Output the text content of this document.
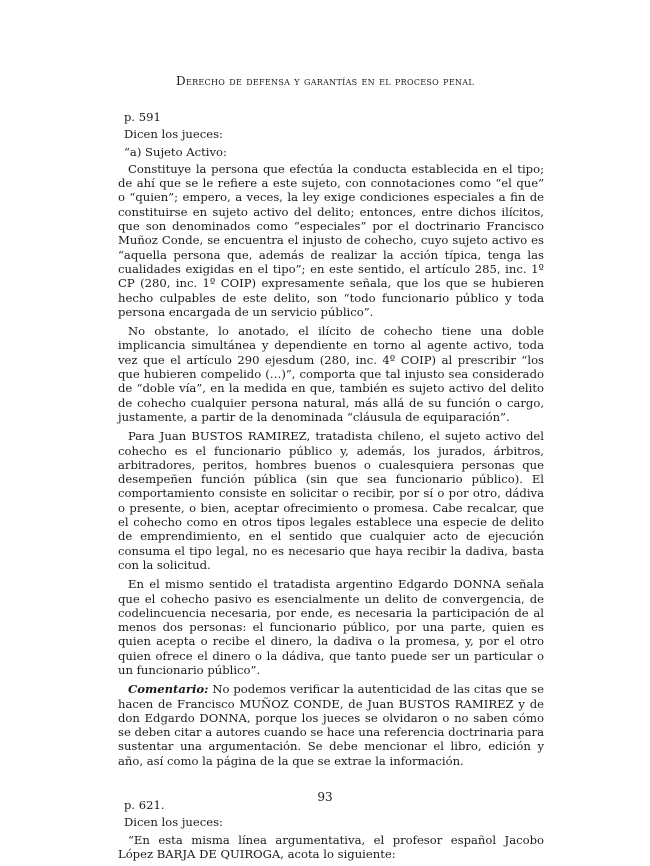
Derecho de defensa y garantías en el proceso penal

p. 591

Dicen los jueces:

“a) Sujeto Activo:

Constituye la persona que efectúa la conducta establecida en el tipo; de ahí que se le refiere a este sujeto, con connotaciones como “el que” o “quien”; empero, a veces, la ley exige condiciones especiales a fin de constituirse en sujeto activo del delito; entonces, entre dichos ilícitos, que son denominados como “especiales” por el doctrinario Francisco Muñoz Conde, se encuentra el injusto de cohecho, cuyo sujeto activo es “aquella persona que, además de realizar la acción típica, tenga las cualidades exigidas en el tipo”; en este sentido, el artículo 285, inc. 1º CP (280, inc. 1º COIP) expresamente señala, que los que se hubieren hecho culpables de este delito, son “todo funcionario público y toda persona encargada de un servicio público”.

No obstante, lo anotado, el ilícito de cohecho tiene una doble implicancia simultánea y dependiente en torno al agente activo, toda vez que el artículo 290 ejesdum (280, inc. 4º COIP) al prescribir “los que hubieren compelido (…)”, comporta que tal injusto sea considerado de “doble vía”, en la medida en que, también es sujeto activo del delito de cohecho cualquier persona natural, más allá de su función o cargo, justamente, a partir de la denominada “cláusula de equiparación”.

Para Juan BUSTOS RAMIREZ, tratadista chileno, el sujeto activo del cohecho es el funcionario público y, además, los jurados, árbitros, arbitradores, peritos, hombres buenos o cualesquiera personas que desempeñen función pública (sin que sea funcionario público). El comportamiento consiste en solicitar o recibir, por sí o por otro, dádiva o presente, o bien, aceptar ofrecimiento o promesa. Cabe recalcar, que el cohecho como en otros tipos legales establece una especie de delito de emprendimiento, en el sentido que cualquier acto de ejecución consuma el tipo legal, no es necesario que haya recibir la dadiva, basta con la solicitud.

En el mismo sentido el tratadista argentino Edgardo DONNA señala que el cohecho pasivo es esencialmente un delito de convergencia, de codelincuencia necesaria, por ende, es necesaria la participación de al menos dos personas: el funcionario público, por una parte, quien es quien acepta o recibe el dinero, la dadiva o la promesa, y, por el otro quien ofrece el dinero o la dádiva, que tanto puede ser un particular o un funcionario público”.

Comentario: No podemos verificar la autenticidad de las citas que se hacen de Francisco MUÑOZ CONDE, de Juan BUSTOS RAMIREZ y de don Edgardo DONNA, porque los jueces se olvidaron o no saben cómo se deben citar a autores cuando se hace una referencia doctrinaria para sustentar una argumentación. Se debe mencionar el libro, edición y año, así como la página de la que se extrae la información.

p. 621.

Dicen los jueces:

“En esta misma línea argumentativa, el profesor español Jacobo López BARJA DE QUIROGA, acota lo siguiente:

93
